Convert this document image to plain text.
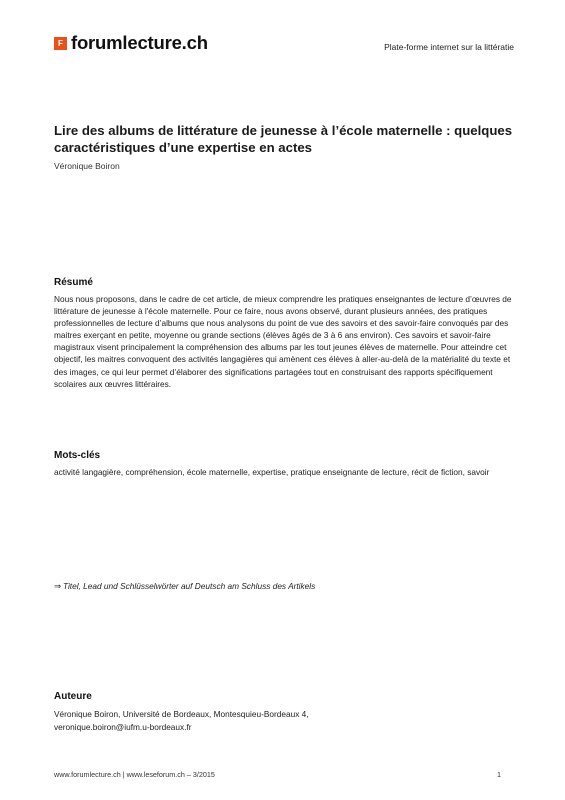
F forumlecture.ch	Plate-forme internet sur la littératie
Lire des albums de littérature de jeunesse à l’école maternelle : quelques caractéristiques d’une expertise en actes
Véronique Boiron
Résumé

Nous nous proposons, dans le cadre de cet article, de mieux comprendre les pratiques enseignantes de lecture d’œuvres de littérature de jeunesse à l'école maternelle. Pour ce faire, nous avons observé, durant plusieurs années, des pratiques professionnelles de lecture d’albums que nous analysons du point de vue des savoirs et des savoir-faire convoqués par des maitres exerçant en petite, moyenne ou grande sections (élèves âgés de 3 à 6 ans environ). Ces savoirs et savoir-faire magistraux visent principalement la compréhension des albums par les tout jeunes élèves de maternelle. Pour atteindre cet objectif, les maitres convoquent des activités langagières qui amènent ces élèves à aller-au-delà de la matérialité du texte et des images, ce qui leur permet d’élaborer des significations partagées tout en construisant des rapports spécifiquement scolaires aux œuvres littéraires.

Mots-clés

activité langagière, compréhension, école maternelle, expertise, pratique enseignante de lecture, récit de fiction, savoir

⇒ Titel, Lead und Schlüsselwörter auf Deutsch am Schluss des Artikels
Auteure

Véronique Boiron, Université de Bordeaux, Montesquieu-Bordeaux 4,

veronique.boiron@iufm.u-bordeaux.fr

www.forumlecture.ch | www.leseforum.ch – 3/2015	1
